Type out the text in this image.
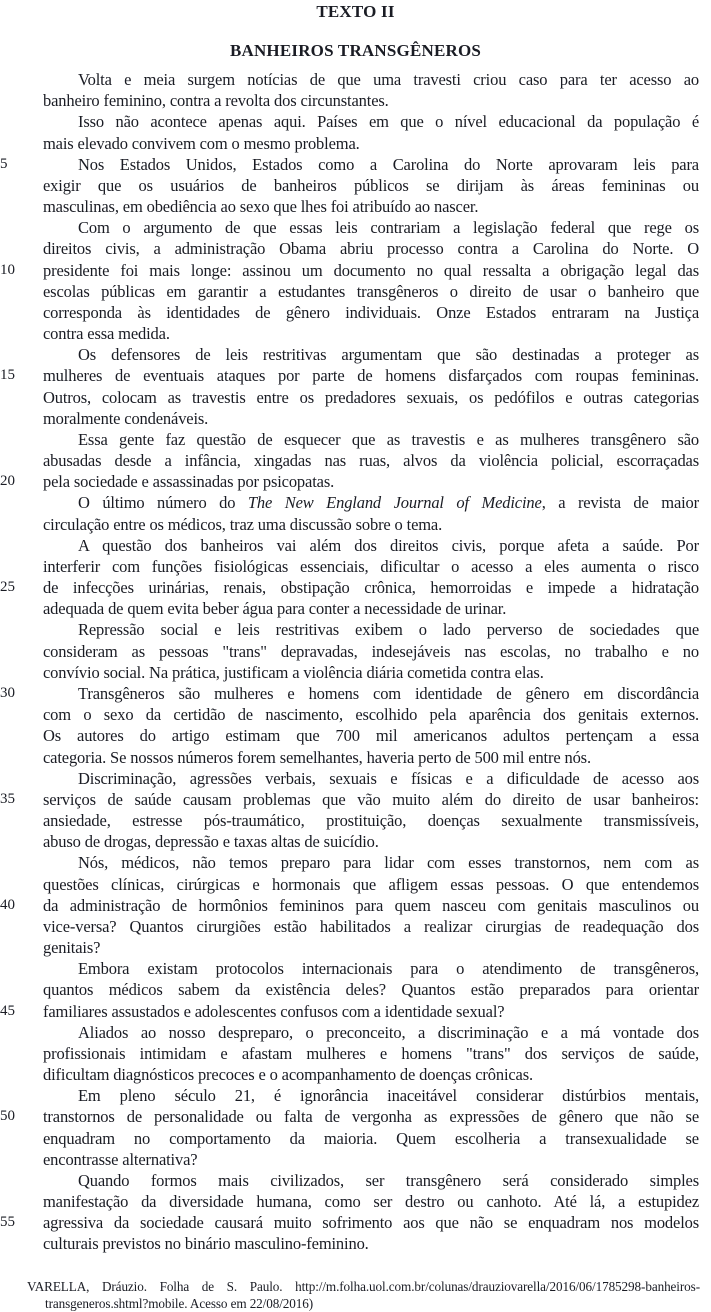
TEXTO II
BANHEIROS TRANSGÊNEROS
Volta e meia surgem notícias de que uma travesti criou caso para ter acesso ao
banheiro feminino, contra a revolta dos circunstantes.
Isso não acontece apenas aqui. Países em que o nível educacional da população é
mais elevado convivem com o mesmo problema.
5	Nos Estados Unidos, Estados como a Carolina do Norte aprovaram leis para
exigir que os usuários de banheiros públicos se dirijam às áreas femininas ou
masculinas, em obediência ao sexo que lhes foi atribuído ao nascer.
Com o argumento de que essas leis contrariam a legislação federal que rege os
direitos civis, a administração Obama abriu processo contra a Carolina do Norte. O
10 presidente foi mais longe: assinou um documento no qual ressalta a obrigação legal das
escolas públicas em garantir a estudantes transgêneros o direito de usar o banheiro que
corresponda às identidades de gênero individuais. Onze Estados entraram na Justiça
contra essa medida.
Os defensores de leis restritivas argumentam que são destinadas a proteger as
15 mulheres de eventuais ataques por parte de homens disfarçados com roupas femininas.
Outros, colocam as travestis entre os predadores sexuais, os pedófilos e outras categorias
moralmente condenáveis.
Essa gente faz questão de esquecer que as travestis e as mulheres transgênero são
abusadas desde a infância, xingadas nas ruas, alvos da violência policial, escorraçadas
20 pela sociedade e assassinadas por psicopatas.
O último número do The New England Journal of Medicine, a revista de maior
circulação entre os médicos, traz uma discussão sobre o tema.
A questão dos banheiros vai além dos direitos civis, porque afeta a saúde. Por
interferir com funções fisiológicas essenciais, dificultar o acesso a eles aumenta o risco
25 de infecções urinárias, renais, obstipação crônica, hemorroidas e impede a hidratação
adequada de quem evita beber água para conter a necessidade de urinar.
Repressão social e leis restritivas exibem o lado perverso de sociedades que
consideram as pessoas "trans" depravadas, indesejáveis nas escolas, no trabalho e no
convívio social. Na prática, justificam a violência diária cometida contra elas.
30	Transgêneros são mulheres e homens com identidade de gênero em discordância
com o sexo da certidão de nascimento, escolhido pela aparência dos genitais externos.
Os autores do artigo estimam que 700 mil americanos adultos pertençam a essa
categoria. Se nossos números forem semelhantes, haveria perto de 500 mil entre nós.
Discriminação, agressões verbais, sexuais e físicas e a dificuldade de acesso aos
35 serviços de saúde causam problemas que vão muito além do direito de usar banheiros:
ansiedade, estresse pós-traumático, prostituição, doenças sexualmente transmissíveis,
abuso de drogas, depressão e taxas altas de suicídio.
Nós, médicos, não temos preparo para lidar com esses transtornos, nem com as
questões clínicas, cirúrgicas e hormonais que afligem essas pessoas. O que entendemos
40 da administração de hormônios femininos para quem nasceu com genitais masculinos ou
vice-versa? Quantos cirurgiões estão habilitados a realizar cirurgias de readequação dos
genitais?
Embora existam protocolos internacionais para o atendimento de transgêneros,
quantos médicos sabem da existência deles? Quantos estão preparados para orientar
45 familiares assustados e adolescentes confusos com a identidade sexual?
Aliados ao nosso despreparo, o preconceito, a discriminação e a má vontade dos
profissionais intimidam e afastam mulheres e homens "trans" dos serviços de saúde,
dificultam diagnósticos precoces e o acompanhamento de doenças crônicas.
Em pleno século 21, é ignorância inaceitável considerar distúrbios mentais,
50 transtornos de personalidade ou falta de vergonha as expressões de gênero que não se
enquadram no comportamento da maioria. Quem escolheria a transexualidade se
encontrasse alternativa?
Quando formos mais civilizados, ser transgênero será considerado simples
manifestação da diversidade humana, como ser destro ou canhoto. Até lá, a estupidez
55 agressiva da sociedade causará muito sofrimento aos que não se enquadram nos modelos
culturais previstos no binário masculino-feminino.
VARELLA, Dráuzio. Folha de S. Paulo. http://m.folha.uol.com.br/colunas/drauziovarella/2016/06/1785298-banheiros-
transgeneros.shtml?mobile. Acesso em 22/08/2016)
